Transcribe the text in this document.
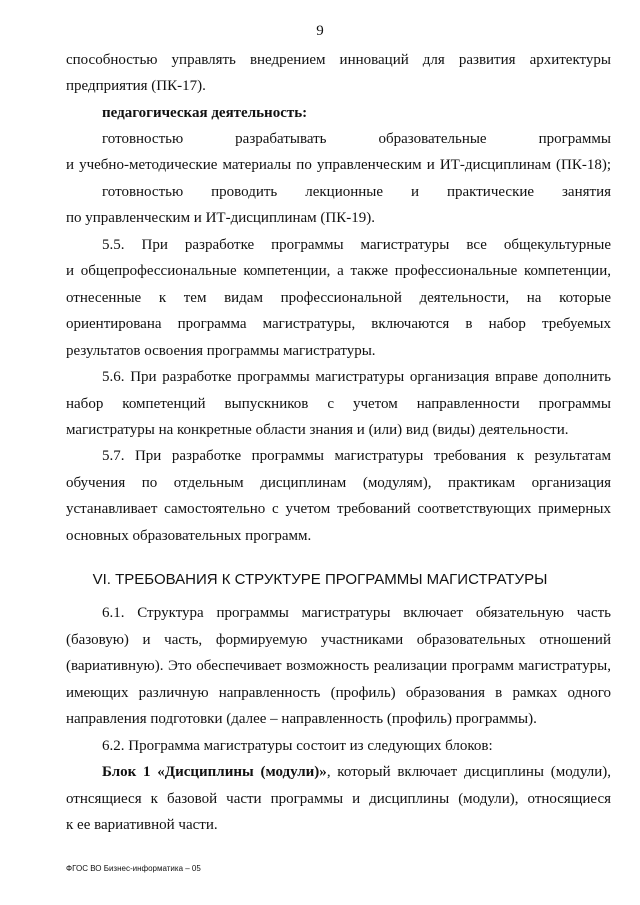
9
способностью управлять внедрением инноваций для развития архитектуры
предприятия (ПК-17).
педагогическая деятельность:
готовностью разрабатывать образовательные программы
и учебно-методические материалы по управленческим и ИТ-дисциплинам (ПК-18);
готовностью проводить лекционные и практические занятия
по управленческим и ИТ-дисциплинам (ПК-19).
5.5. При разработке программы магистратуры все общекультурные
и общепрофессиональные компетенции, а также профессиональные компетенции,
отнесенные к тем видам профессиональной деятельности, на которые
ориентирована программа магистратуры, включаются в набор требуемых
результатов освоения программы магистратуры.
5.6. При разработке программы магистратуры организация вправе дополнить
набор компетенций выпускников с учетом направленности программы
магистратуры на конкретные области знания и (или) вид (виды) деятельности.
5.7. При разработке программы магистратуры требования к результатам
обучения по отдельным дисциплинам (модулям), практикам организация
устанавливает самостоятельно с учетом требований соответствующих примерных
основных образовательных программ.
VI. ТРЕБОВАНИЯ К СТРУКТУРЕ ПРОГРАММЫ МАГИСТРАТУРЫ
6.1. Структура программы магистратуры включает обязательную часть
(базовую) и часть, формируемую участниками образовательных отношений
(вариативную). Это обеспечивает возможность реализации программ магистратуры,
имеющих различную направленность (профиль) образования в рамках одного
направления подготовки (далее – направленность (профиль) программы).
6.2. Программа магистратуры состоит из следующих блоков:
Блок 1 «Дисциплины (модули)», который включает дисциплины (модули),
отнсящиеся к базовой части программы и дисциплины (модули), относящиеся
к ее вариативной части.
ФГОС ВО Бизнес-информатика – 05
